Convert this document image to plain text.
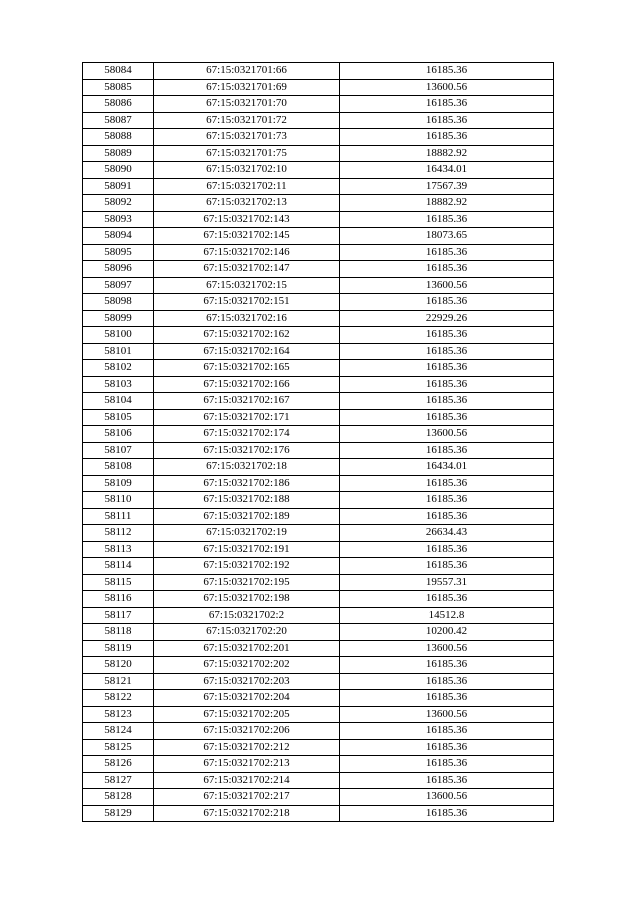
58084	67:15:0321701:66	16185.36
58085	67:15:0321701:69	13600.56
58086	67:15:0321701:70	16185.36
58087	67:15:0321701:72	16185.36
58088	67:15:0321701:73	16185.36
58089	67:15:0321701:75	18882.92
58090	67:15:0321702:10	16434.01
58091	67:15:0321702:11	17567.39
58092	67:15:0321702:13	18882.92
58093	67:15:0321702:143	16185.36
58094	67:15:0321702:145	18073.65
58095	67:15:0321702:146	16185.36
58096	67:15:0321702:147	16185.36
58097	67:15:0321702:15	13600.56
58098	67:15:0321702:151	16185.36
58099	67:15:0321702:16	22929.26
58100	67:15:0321702:162	16185.36
58101	67:15:0321702:164	16185.36
58102	67:15:0321702:165	16185.36
58103	67:15:0321702:166	16185.36
58104	67:15:0321702:167	16185.36
58105	67:15:0321702:171	16185.36
58106	67:15:0321702:174	13600.56
58107	67:15:0321702:176	16185.36
58108	67:15:0321702:18	16434.01
58109	67:15:0321702:186	16185.36
58110	67:15:0321702:188	16185.36
58111	67:15:0321702:189	16185.36
58112	67:15:0321702:19	26634.43
58113	67:15:0321702:191	16185.36
58114	67:15:0321702:192	16185.36
58115	67:15:0321702:195	19557.31
58116	67:15:0321702:198	16185.36
58117	67:15:0321702:2	14512.8
58118	67:15:0321702:20	10200.42
58119	67:15:0321702:201	13600.56
58120	67:15:0321702:202	16185.36
58121	67:15:0321702:203	16185.36
58122	67:15:0321702:204	16185.36
58123	67:15:0321702:205	13600.56
58124	67:15:0321702:206	16185.36
58125	67:15:0321702:212	16185.36
58126	67:15:0321702:213	16185.36
58127	67:15:0321702:214	16185.36
58128	67:15:0321702:217	13600.56
58129	67:15:0321702:218	16185.36
